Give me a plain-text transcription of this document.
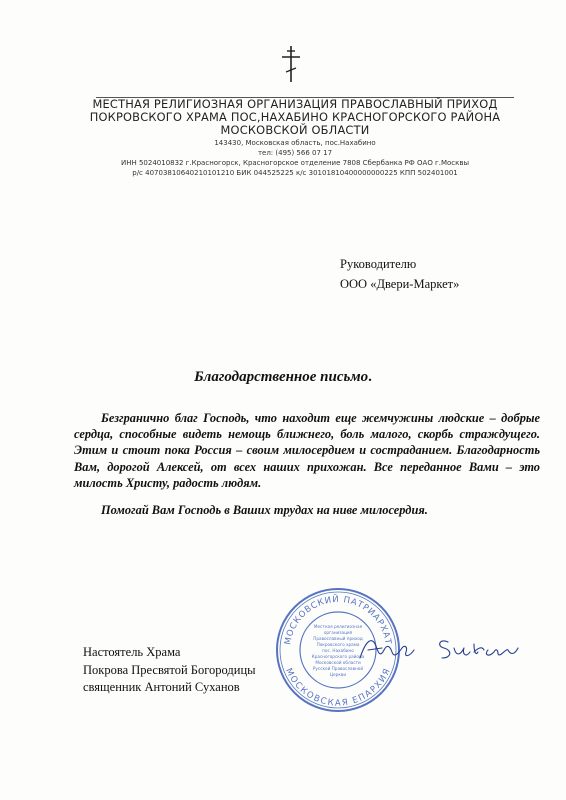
МЕСТНАЯ РЕЛИГИОЗНАЯ ОРГАНИЗАЦИЯ ПРАВОСЛАВНЫЙ ПРИХОД
ПОКРОВСКОГО ХРАМА ПОС,НАХАБИНО КРАСНОГОРСКОГО РАЙОНА
МОСКОВСКОЙ ОБЛАСТИ
143430, Московская область, пос.Нахабино
тел: (495) 566 07 17
ИНН 5024010832 г.Красногорск, Красногорское отделение 7808 Сбербанка РФ ОАО г.Москвы
р/с 40703810640210101210 БИК 044525225 к/с 30101810400000000225 КПП 502401001
Руководителю
ООО «Двери-Маркет»
Благодарственное письмо.

Безгранично благ Господь, что находит еще жемчужины людские – добрые сердца, способные видеть немощь ближнего, боль малого, скорбь страждущего. Этим и стоит пока Россия – своим милосердием и состраданием. Благодарность Вам, дорогой Алексей, от всех наших прихожан. Все переданное Вами – это милость Христу, радость людям.

Помогай Вам Господь в Ваших трудах на ниве милосердия.

Настоятель Храма
Покрова Пресвятой Богородицы
священник Антоний Суханов
МОСКОВСКИЙ ПАТРИАРХАТ
МОСКОВСКАЯ ЕПАРХИЯ
Местная религиозная
организация
Православный приход
Покровского храма
пос. Нахабино
Красногорского района
Московской области
Русской Православной
Церкви
